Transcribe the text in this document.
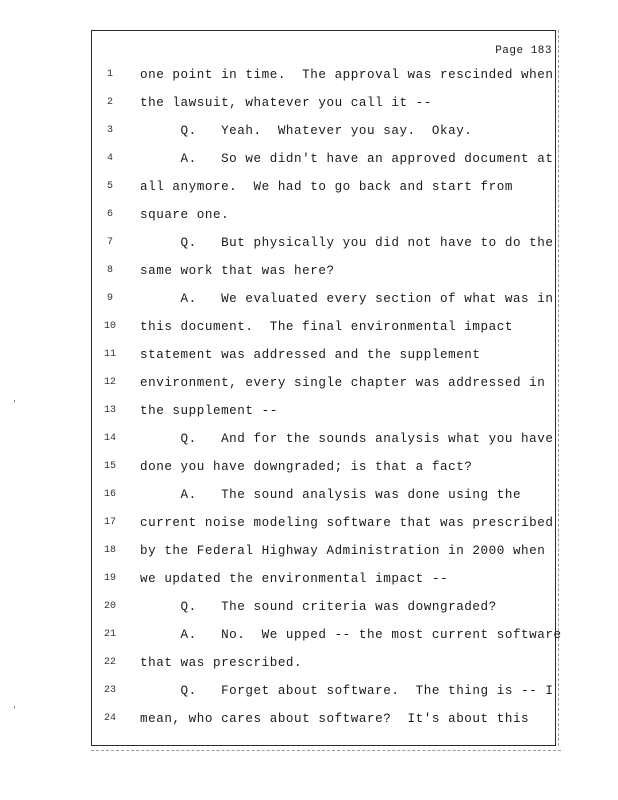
Page 183
'
'
1	one point in time.  The approval was rescinded when
2	the lawsuit, whatever you call it --
3	Q.   Yeah.  Whatever you say.  Okay.
4	A.   So we didn't have an approved document at
5	all anymore.  We had to go back and start from
6	square one.
7	Q.   But physically you did not have to do the
8	same work that was here?
9	A.   We evaluated every section of what was in
10	this document.  The final environmental impact
11	statement was addressed and the supplement
12	environment, every single chapter was addressed in
13	the supplement --
14	Q.   And for the sounds analysis what you have
15	done you have downgraded; is that a fact?
16	A.   The sound analysis was done using the
17	current noise modeling software that was prescribed
18	by the Federal Highway Administration in 2000 when
19	we updated the environmental impact --
20	Q.   The sound criteria was downgraded?
21	A.   No.  We upped -- the most current software
22	that was prescribed.
23	Q.   Forget about software.  The thing is -- I
24	mean, who cares about software?  It's about this
